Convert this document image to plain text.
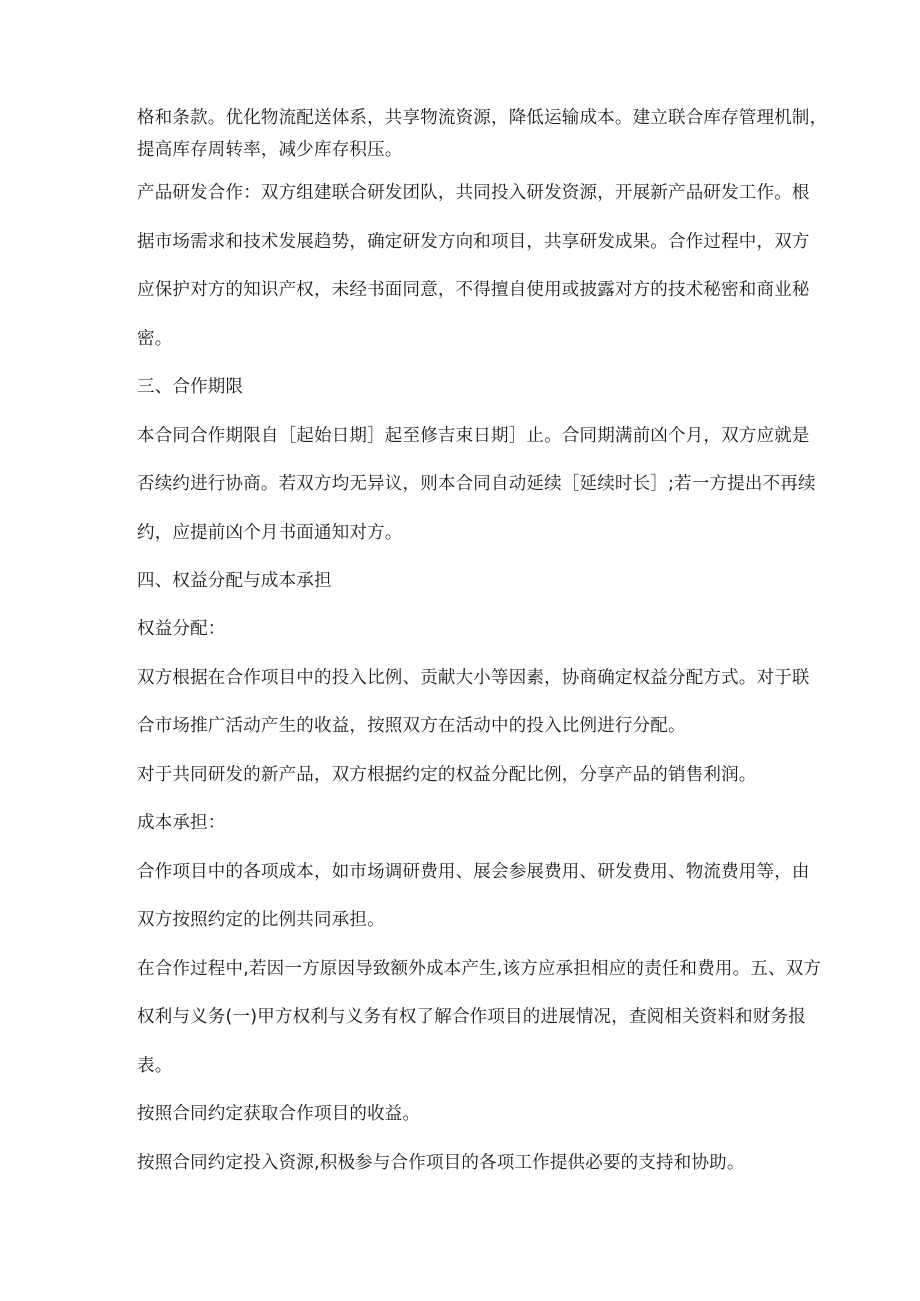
格和条款。优化物流配送体系，共享物流资源，降低运输成本。建立联合库存管理机制，
提高库存周转率，减少库存积压。
产品研发合作：双方组建联合研发团队，共同投入研发资源，开展新产品研发工作。根
据市场需求和技术发展趋势，确定研发方向和项目，共享研发成果。合作过程中，双方
应保护对方的知识产权，未经书面同意，不得擅自使用或披露对方的技术秘密和商业秘
密。
三、合作期限
本合同合作期限自［起始日期］起至修吉束日期］止。合同期满前凶个月，双方应就是
否续约进行协商。若双方均无异议，则本合同自动延续［延续时长］;若一方提出不再续
约，应提前凶个月书面通知对方。
四、权益分配与成本承担
权益分配：
双方根据在合作项目中的投入比例、贡献大小等因素，协商确定权益分配方式。对于联
合市场推广活动产生的收益，按照双方在活动中的投入比例进行分配。
对于共同研发的新产品，双方根据约定的权益分配比例，分享产品的销售利润。
成本承担：
合作项目中的各项成本，如市场调研费用、展会参展费用、研发费用、物流费用等，由
双方按照约定的比例共同承担。
在合作过程中,若因一方原因导致额外成本产生,该方应承担相应的责任和费用。五、双方
权利与义务(一)甲方权利与义务有权了解合作项目的进展情况，查阅相关资料和财务报
表。
按照合同约定获取合作项目的收益。
按照合同约定投入资源,积极参与合作项目的各项工作提供必要的支持和协助。
